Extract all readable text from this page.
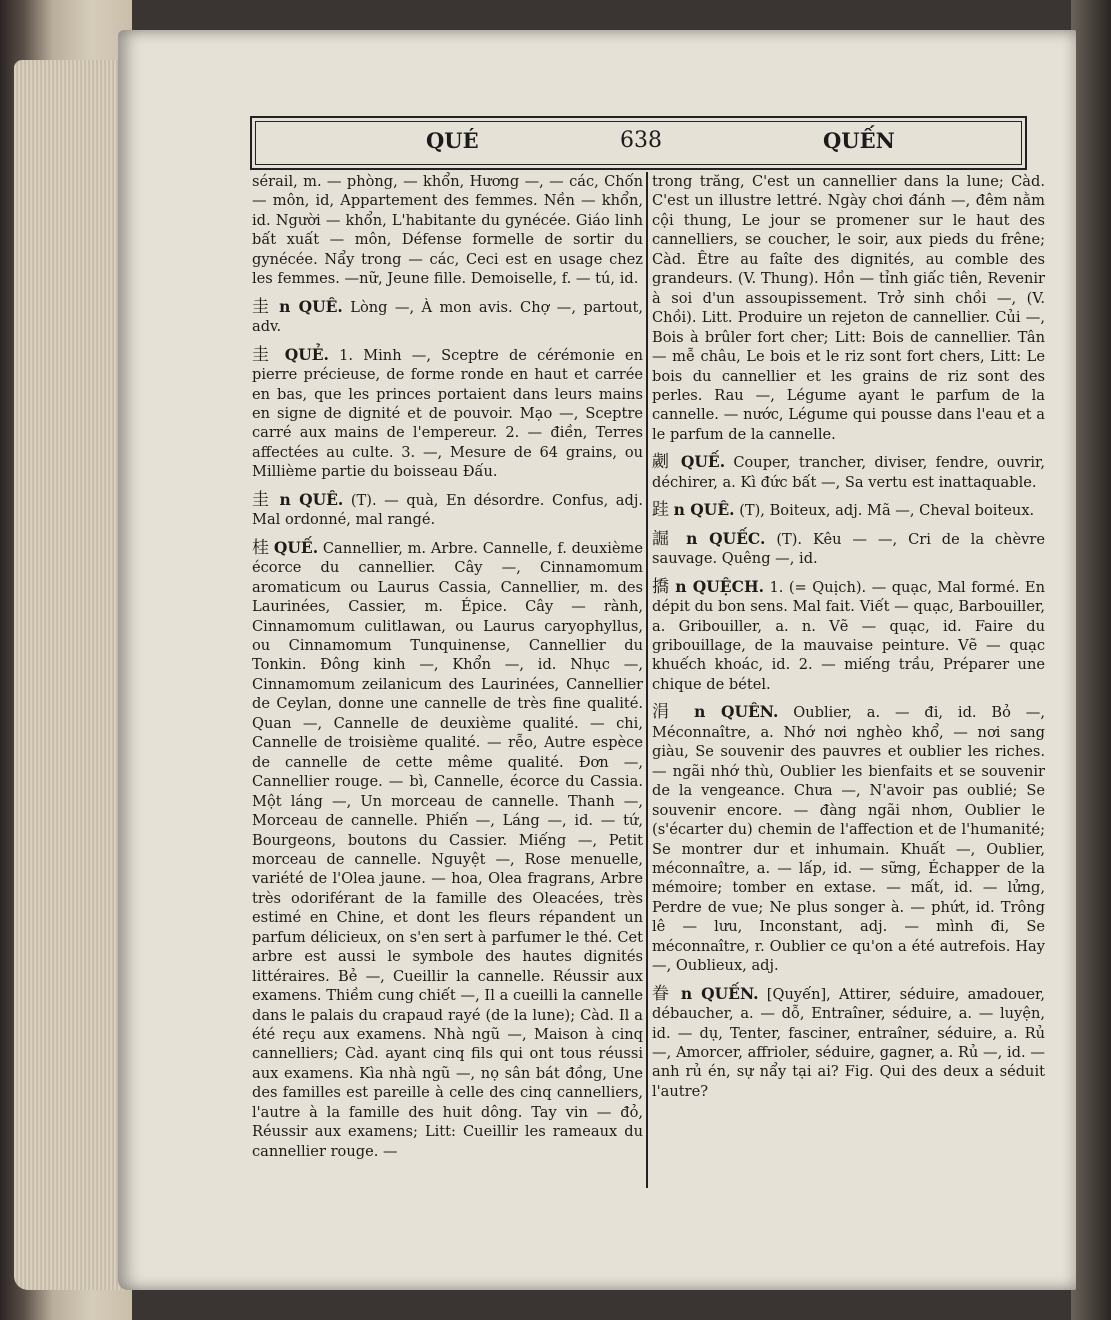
QUÉ	638	QUẾN

sérail, m. — phòng, — khổn, Hương —, — các, Chốn — môn, id, Appartement des femmes. Nền — khổn, id. Người — khổn, L'habitante du gynécée. Giáo linh bất xuất — môn, Défense formelle de sortir du gynécée. Nẩy trong — các, Ceci est en usage chez les femmes. —nữ, Jeune fille. Demoiselle, f. — tú, id.

圭 n QUÊ. Lòng —, À mon avis. Chợ —, partout, adv.

圭 QUẺ. 1. Minh —, Sceptre de cérémonie en pierre précieuse, de forme ronde en haut et carrée en bas, que les princes portaient dans leurs mains en signe de dignité et de pouvoir. Mạo —, Sceptre carré aux mains de l'empereur. 2. — điền, Terres affectées au culte. 3. —, Mesure de 64 grains, ou Millième partie du boisseau Đấu.

圭 n QUÊ. (T). — quà, En désordre. Confus, adj. Mal ordonné, mal rangé.

桂 QUẾ. Cannellier, m. Arbre. Cannelle, f. deuxième écorce du cannellier. Cây —, Cinnamomum aromaticum ou Laurus Cassia, Cannellier, m. des Laurinées, Cassier, m. Épice. Cây — rành, Cinnamomum culitlawan, ou Laurus caryophyllus, ou Cinnamomum Tunquinense, Cannellier du Tonkin. Đông kinh —, Khổn —, id. Nhục —, Cinnamomum zeilanicum des Laurinées, Cannellier de Ceylan, donne une cannelle de très fine qualité. Quan —, Cannelle de deuxième qualité. — chi, Cannelle de troisième qualité. — rễo, Autre espèce de cannelle de cette même qualité. Đơn —, Cannellier rouge. — bì, Cannelle, écorce du Cassia. Một láng —, Un morceau de cannelle. Thanh —, Morceau de cannelle. Phiến —, Láng —, id. — tứ, Bourgeons, boutons du Cassier. Miếng —, Petit morceau de cannelle. Nguyệt —, Rose menuelle, variété de l'Olea jaune. — hoa, Olea fragrans, Arbre très odoriférant de la famille des Oleacées, très estimé en Chine, et dont les fleurs répandent un parfum délicieux, on s'en sert à parfumer le thé. Cet arbre est aussi le symbole des hautes dignités littéraires. Bẻ —, Cueillir la cannelle. Réussir aux examens. Thiềm cung chiết —, Il a cueilli la cannelle dans le palais du crapaud rayé (de la lune); Càd. Il a été reçu aux examens. Nhà ngũ —, Maison à cinq cannelliers; Càd. ayant cinq fils qui ont tous réussi aux examens. Kìa nhà ngũ —, nọ sân bát đồng, Une des familles est pareille à celle des cinq cannelliers, l'autre à la famille des huit dông. Tay vin — đỏ, Réussir aux examens; Litt: Cueillir les rameaux du cannellier rouge. —

trong trăng, C'est un cannellier dans la lune; Càd. C'est un illustre lettré. Ngày chơi đánh —, đêm nằm cội thung, Le jour se promener sur le haut des cannelliers, se coucher, le soir, aux pieds du frêne; Càd. Être au faîte des dignités, au comble des grandeurs. (V. Thung). Hồn — tỉnh giấc tiên, Revenir à soi d'un assoupissement. Trở sinh chồi —, (V. Chồi). Litt. Produire un rejeton de cannellier. Củi —, Bois à brûler fort cher; Litt: Bois de cannellier. Tân — mễ châu, Le bois et le riz sont fort chers, Litt: Le bois du cannellier et les grains de riz sont des perles. Rau —, Légume ayant le parfum de la cannelle. — nước, Légume qui pousse dans l'eau et a le parfum de la cannelle.

劌 QUẾ. Couper, trancher, diviser, fendre, ouvrir, déchirer, a. Kì đức bất —, Sa vertu est inattaquable.

跬 n QUÊ. (T), Boiteux, adj. Mã —, Cheval boiteux.

誳 n QUẾC. (T). Kêu — —, Cri de la chèvre sauvage. Quêng —, id.

撟 n QUỆCH. 1. (= Quịch). — quạc, Mal formé. En dépit du bon sens. Mal fait. Viết — quạc, Barbouiller, a. Gribouiller, a. n. Vẽ — quạc, id. Faire du gribouillage, de la mauvaise peinture. Vẽ — quạc khuếch khoác, id. 2. — miếng trầu, Préparer une chique de bétel.

涓 n QUÊN. Oublier, a. — đi, id. Bỏ —, Méconnaître, a. Nhớ nơi nghèo khổ, — nơi sang giàu, Se souvenir des pauvres et oublier les riches. — ngãi nhớ thù, Oublier les bienfaits et se souvenir de la vengeance. Chưa —, N'avoir pas oublié; Se souvenir encore. — đàng ngãi nhơn, Oublier le (s'écarter du) chemin de l'affection et de l'humanité; Se montrer dur et inhumain. Khuất —, Oublier, méconnaître, a. — lấp, id. — sững, Échapper de la mémoire; tomber en extase. — mất, id. — lửng, Perdre de vue; Ne plus songer à. — phứt, id. Trông lê — lưu, Inconstant, adj. — mình đi, Se méconnaître, r. Oublier ce qu'on a été autrefois. Hay —, Oublieux, adj.

眷 n QUẾN. [Quyến], Attirer, séduire, amadouer, débaucher, a. — dỗ, Entraîner, séduire, a. — luyện, id. — dụ, Tenter, fasciner, entraîner, séduire, a. Rủ —, Amorcer, affrioler, séduire, gagner, a. Rủ —, id. — anh rủ én, sự nẩy tại ai? Fig. Qui des deux a séduit l'autre?
